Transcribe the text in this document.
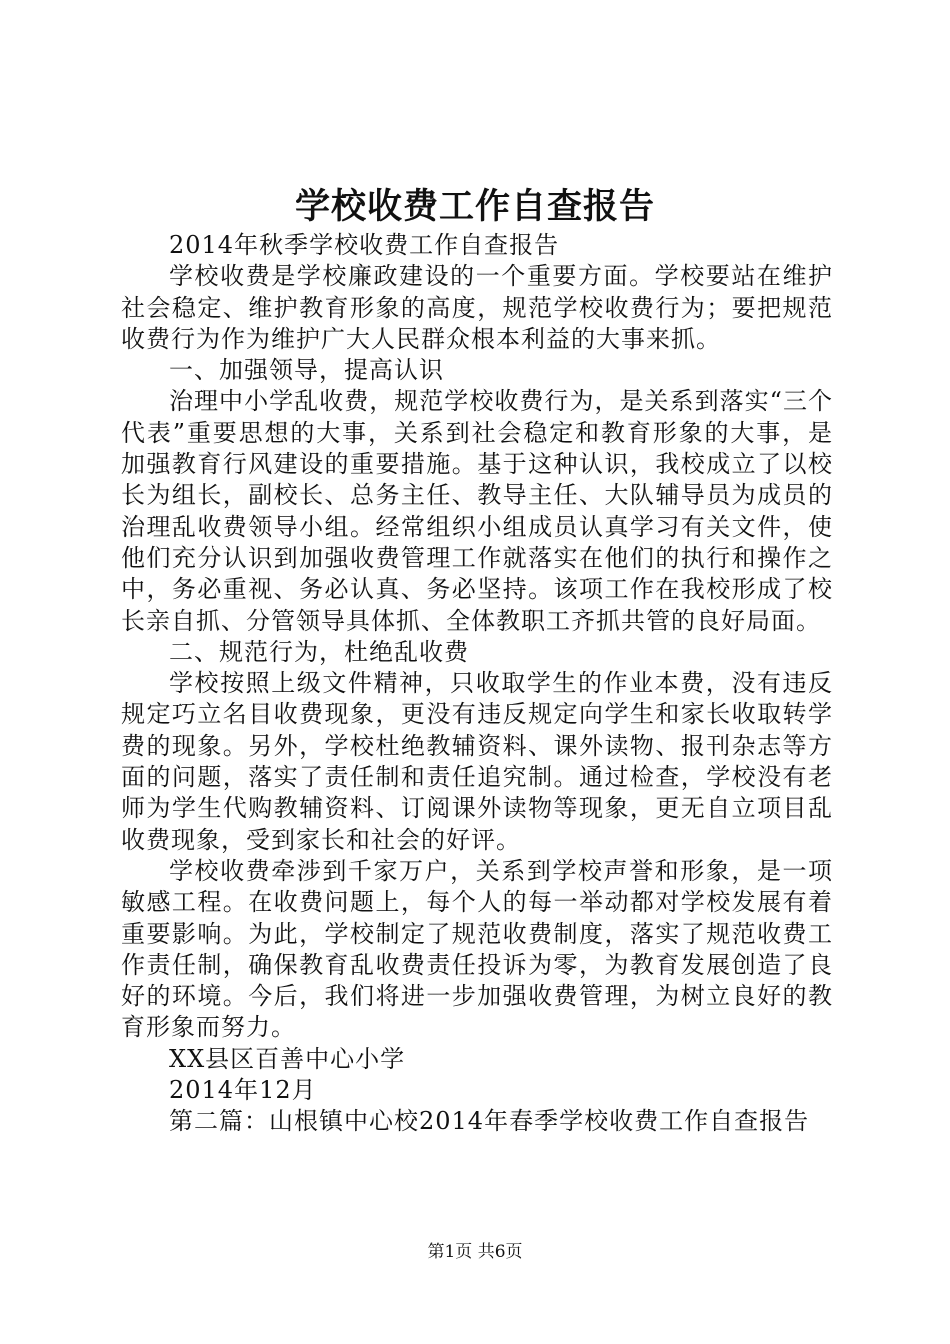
学校收费工作自查报告

2014年秋季学校收费工作自查报告

学校收费是学校廉政建设的一个重要方面。学校要站在维护社会稳定、维护教育形象的高度，规范学校收费行为；要把规范收费行为作为维护广大人民群众根本利益的大事来抓。

一、加强领导，提高认识

治理中小学乱收费，规范学校收费行为，是关系到落实“三个代表”重要思想的大事，关系到社会稳定和教育形象的大事，是加强教育行风建设的重要措施。基于这种认识，我校成立了以校长为组长，副校长、总务主任、教导主任、大队辅导员为成员的治理乱收费领导小组。经常组织小组成员认真学习有关文件，使他们充分认识到加强收费管理工作就落实在他们的执行和操作之中，务必重视、务必认真、务必坚持。该项工作在我校形成了校长亲自抓、分管领导具体抓、全体教职工齐抓共管的良好局面。

二、规范行为，杜绝乱收费

学校按照上级文件精神，只收取学生的作业本费，没有违反规定巧立名目收费现象，更没有违反规定向学生和家长收取转学费的现象。另外，学校杜绝教辅资料、课外读物、报刊杂志等方面的问题，落实了责任制和责任追究制。通过检查，学校没有老师为学生代购教辅资料、订阅课外读物等现象，更无自立项目乱收费现象，受到家长和社会的好评。

学校收费牵涉到千家万户，关系到学校声誉和形象，是一项敏感工程。在收费问题上，每个人的每一举动都对学校发展有着重要影响。为此，学校制定了规范收费制度，落实了规范收费工作责任制，确保教育乱收费责任投诉为零，为教育发展创造了良好的环境。今后，我们将进一步加强收费管理，为树立良好的教育形象而努力。

XX县区百善中心小学

2014年12月

第二篇：山根镇中心校2014年春季学校收费工作自查报告

第1页 共6页
